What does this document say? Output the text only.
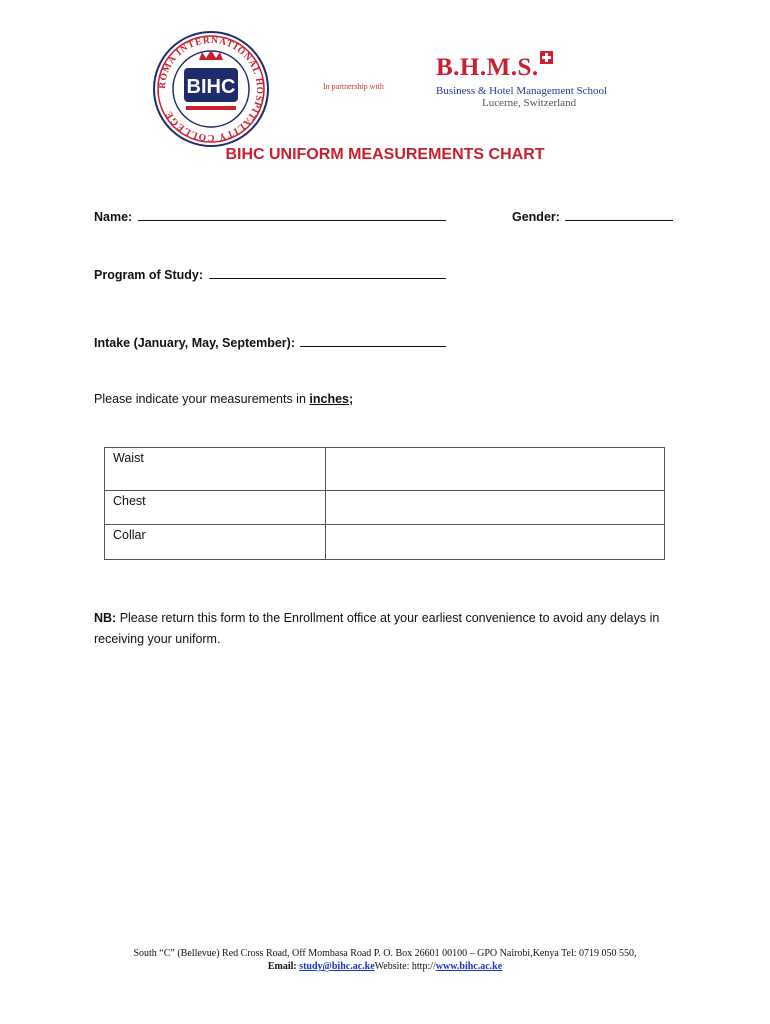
ROMA INTERNATIONAL HOSPITALITY COLLEGE
BIHC	In partnership with
B.H.M.S.
Business & Hotel Management School
Lucerne, Switzerland
BIHC UNIFORM MEASUREMENTS CHART
Name:	Gender:
Program of Study:
Intake (January, May, September):
Please indicate your measurements in inches;
Waist	
Chest	
Collar	
NB: Please return this form to the Enrollment office at your earliest convenience to avoid any delays in receiving your uniform.
South “C” (Bellevue) Red Cross Road, Off Mombasa Road P. O. Box 26601 00100 – GPO Nairobi,Kenya Tel: 0719 050 550,
Email: study@bihc.ac.keWebsite: http://www.bihc.ac.ke
